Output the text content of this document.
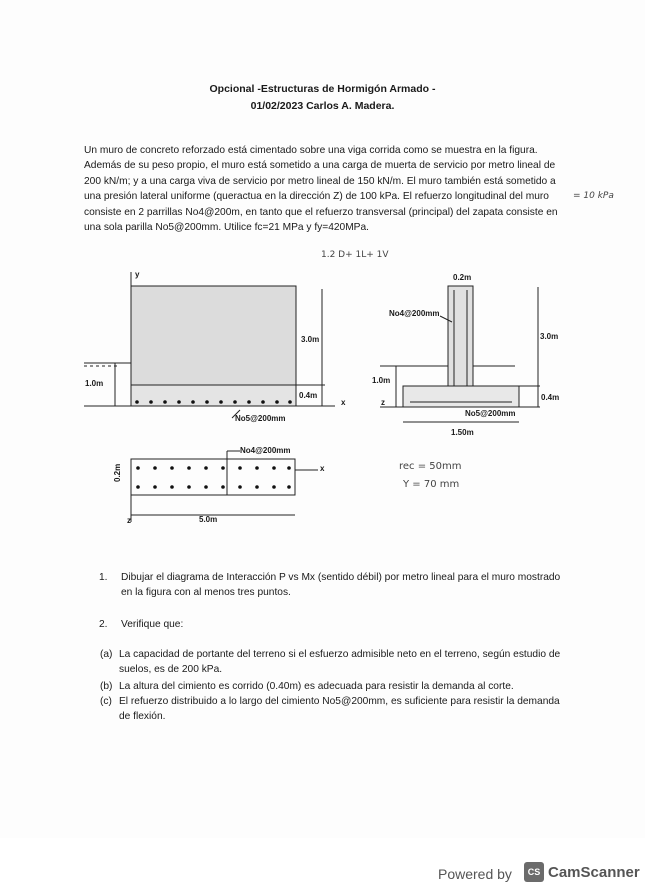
Opcional -Estructuras de Hormigón Armado -
01/02/2023 Carlos A. Madera.
Un muro de concreto reforzado está cimentado sobre una viga corrida como se muestra en la figura. Además de su peso propio, el muro está sometido a una carga de muerta de servicio por metro lineal de 200 kN/m; y a una carga viva de servicio por metro lineal de 150 kN/m. El muro también está sometido a una presión lateral uniforme (queractua en la dirección Z) de 100 kPa. El refuerzo longitudinal del muro consiste en 2 parrillas No4@200m, en tanto que el refuerzo transversal (principal) del zapata consiste en una sola parilla No5@200mm. Utilice fc=21 MPa y fy=420MPa.
= 10 kPa
1.2 D+ 1L+ 1V
y
3.0m
1.0m
0.4m
x
No5@200mm
0.2m
No4@200mm
3.0m
1.0m
z
0.4m
No5@200mm
1.50m
No4@200mm
x
0.2m
z	5.0m
rec = 50mm
Y = 70 mm
1. Dibujar el diagrama de Interacción P vs Mx (sentido débil) por metro lineal para el muro mostrado en la figura con al menos tres puntos.
2. Verifique que:
(a) La capacidad de portante del terreno si el esfuerzo admisible neto en el terreno, según estudio de suelos, es de 200 kPa.
(b) La altura del cimiento es corrido (0.40m) es adecuada para resistir la demanda al corte.
(c) El refuerzo distribuido a lo largo del cimiento No5@200mm, es suficiente para resistir la demanda de flexión.
Powered by	CS CamScanner
